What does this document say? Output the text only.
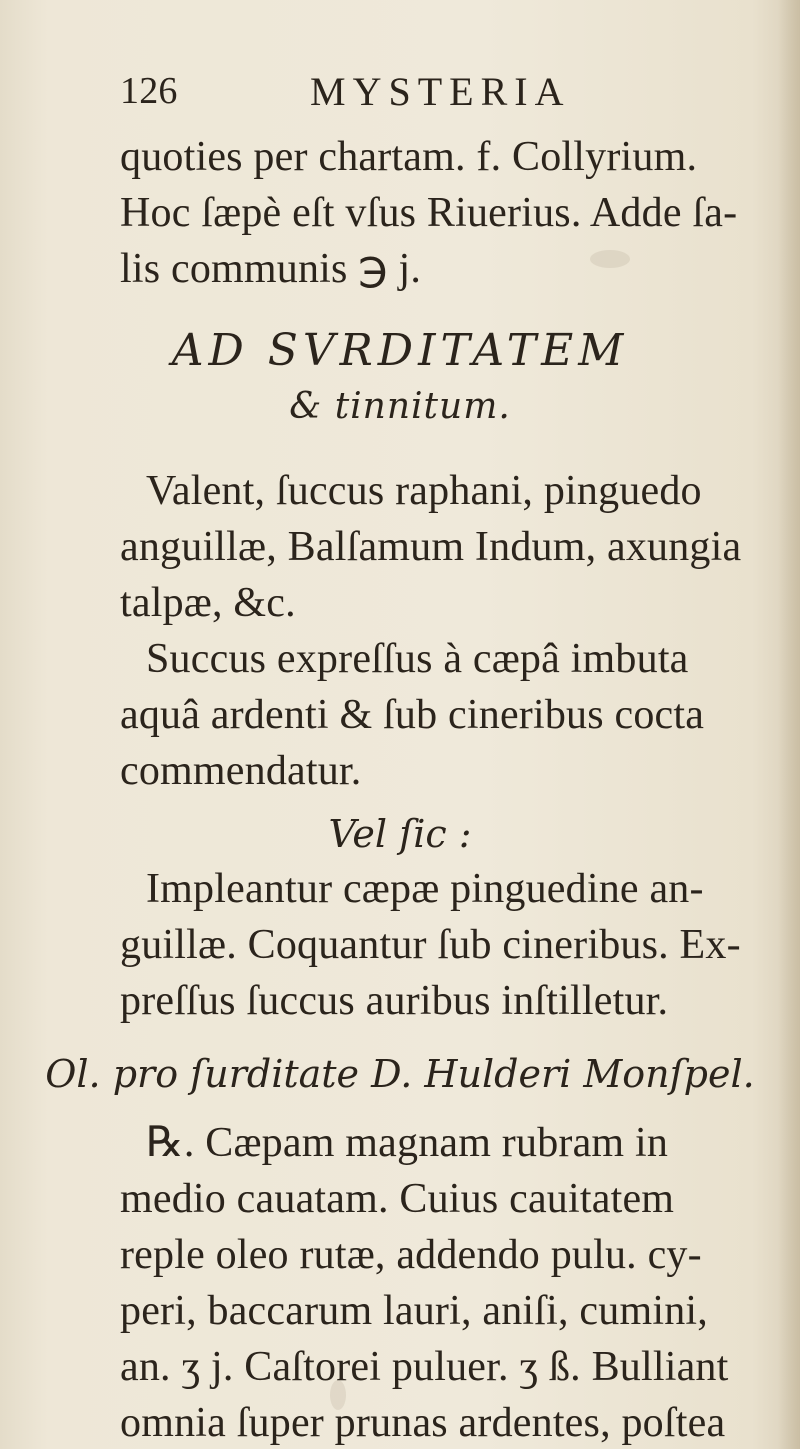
126	MYSTERIA
quoties per chartam. f. Collyrium.
Hoc ſæpè eſt vſus Riuerius. Adde ſa-
lis communis ℈ j.
AD SVRDITATEM
& tinnitum.
Valent, ſuccus raphani, pinguedo
anguillæ, Balſamum Indum, axungia
talpæ, &c.
Succus expreſſus à cæpâ imbuta
aquâ ardenti & ſub cineribus cocta
commendatur.
Vel ſic :
Impleantur cæpæ pinguedine an-
guillæ. Coquantur ſub cineribus. Ex-
preſſus ſuccus auribus inſtilletur.
Ol. pro ſurditate D. Hulderi Monſpel.
℞. Cæpam magnam rubram in
medio cauatam. Cuius cauitatem
reple oleo rutæ, addendo pulu. cy-
peri, baccarum lauri, aniſi, cumini,
an. ʒ j. Caſtorei puluer. ʒ ß. Bulliant
omnia ſuper prunas ardentes, poſtea
